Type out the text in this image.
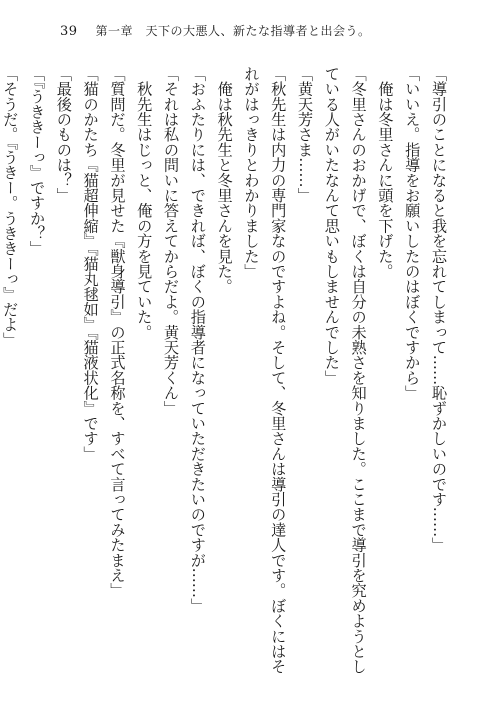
39 第一章　天下の大悪人、新たな指導者と出会う。
「導引のことになると我を忘れてしまって……恥ずかしいのです……」
「いいえ。指導をお願いしたのはぼくですから」
　俺は冬里さんに頭を下げた。
「冬里さんのおかげで、ぼくは自分の未熟さを知りました。ここまで導引を究めようとし
ている人がいたなんて思いもしませんでした」
「黄天芳さま……」
「秋先生は内力の専門家なのですよね。そして、冬里さんは導引の達人です。ぼくにはそ
れがはっきりとわかりました」
　俺は秋先生と冬里さんを見た。
「おふたりには、できれば、ぼくの指導者になっていただきたいのですが……」
「それは私の問いに答えてからだよ。黄天芳くん」
　秋先生はじっと、俺の方を見ていた。
「質問だ。冬里が見せた『獣身導引』の正式名称を、すべて言ってみたまえ」
「猫のかたち『猫超伸縮』『猫丸毬如』『猫液状化』です」
「最後のものは？」
「『うききーっ』ですか？」
「そうだ。『うきー。うききーっ』だよ」
